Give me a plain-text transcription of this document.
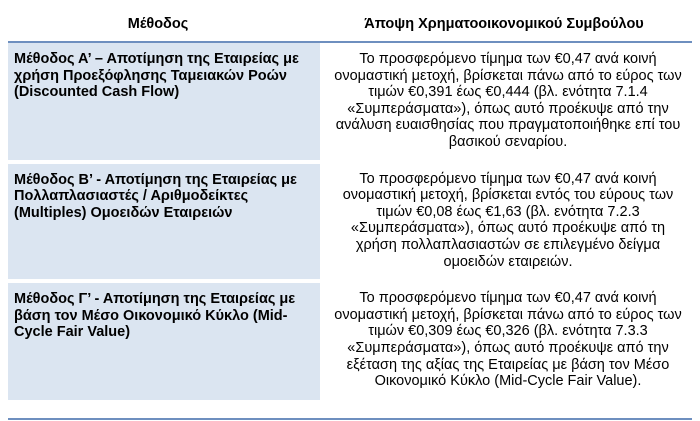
Μέθοδος	Άποψη Χρηματοοικονομικού Συμβούλου
Μέθοδος Α’ – Αποτίμηση της Εταιρείας με χρήση Προεξόφλησης Ταμειακών Ροών (Discounted Cash Flow)	Το προσφερόμενο τίμημα των €0,47 ανά κοινή ονομαστική μετοχή, βρίσκεται πάνω από το εύρος των τιμών €0,391 έως €0,444 (βλ. ενότητα 7.1.4 «Συμπεράσματα»), όπως αυτό προέκυψε από την ανάλυση ευαισθησίας που πραγματοποιήθηκε επί του βασικού σεναρίου.
Μέθοδος Β’ - Αποτίμηση της Εταιρείας με Πολλαπλασιαστές / Αριθμοδείκτες (Multiples) Ομοειδών Εταιρειών	Το προσφερόμενο τίμημα των €0,47 ανά κοινή ονομαστική μετοχή, βρίσκεται εντός του εύρους των τιμών €0,08 έως €1,63 (βλ. ενότητα 7.2.3 «Συμπεράσματα»), όπως αυτό προέκυψε από τη χρήση πολλαπλασιαστών σε επιλεγμένο δείγμα ομοειδών εταιρειών.
Μέθοδος Γ’ - Αποτίμηση της Εταιρείας με βάση τον Μέσο Οικονομικό Κύκλο (Mid-Cycle Fair Value)	Το προσφερόμενο τίμημα των €0,47 ανά κοινή ονομαστική μετοχή, βρίσκεται πάνω από το εύρος των τιμών €0,309 έως €0,326 (βλ. ενότητα 7.3.3 «Συμπεράσματα»), όπως αυτό προέκυψε από την εξέταση της αξίας της Εταιρείας με βάση τον Μέσο Οικονομικό Κύκλο (Mid-Cycle Fair Value).
